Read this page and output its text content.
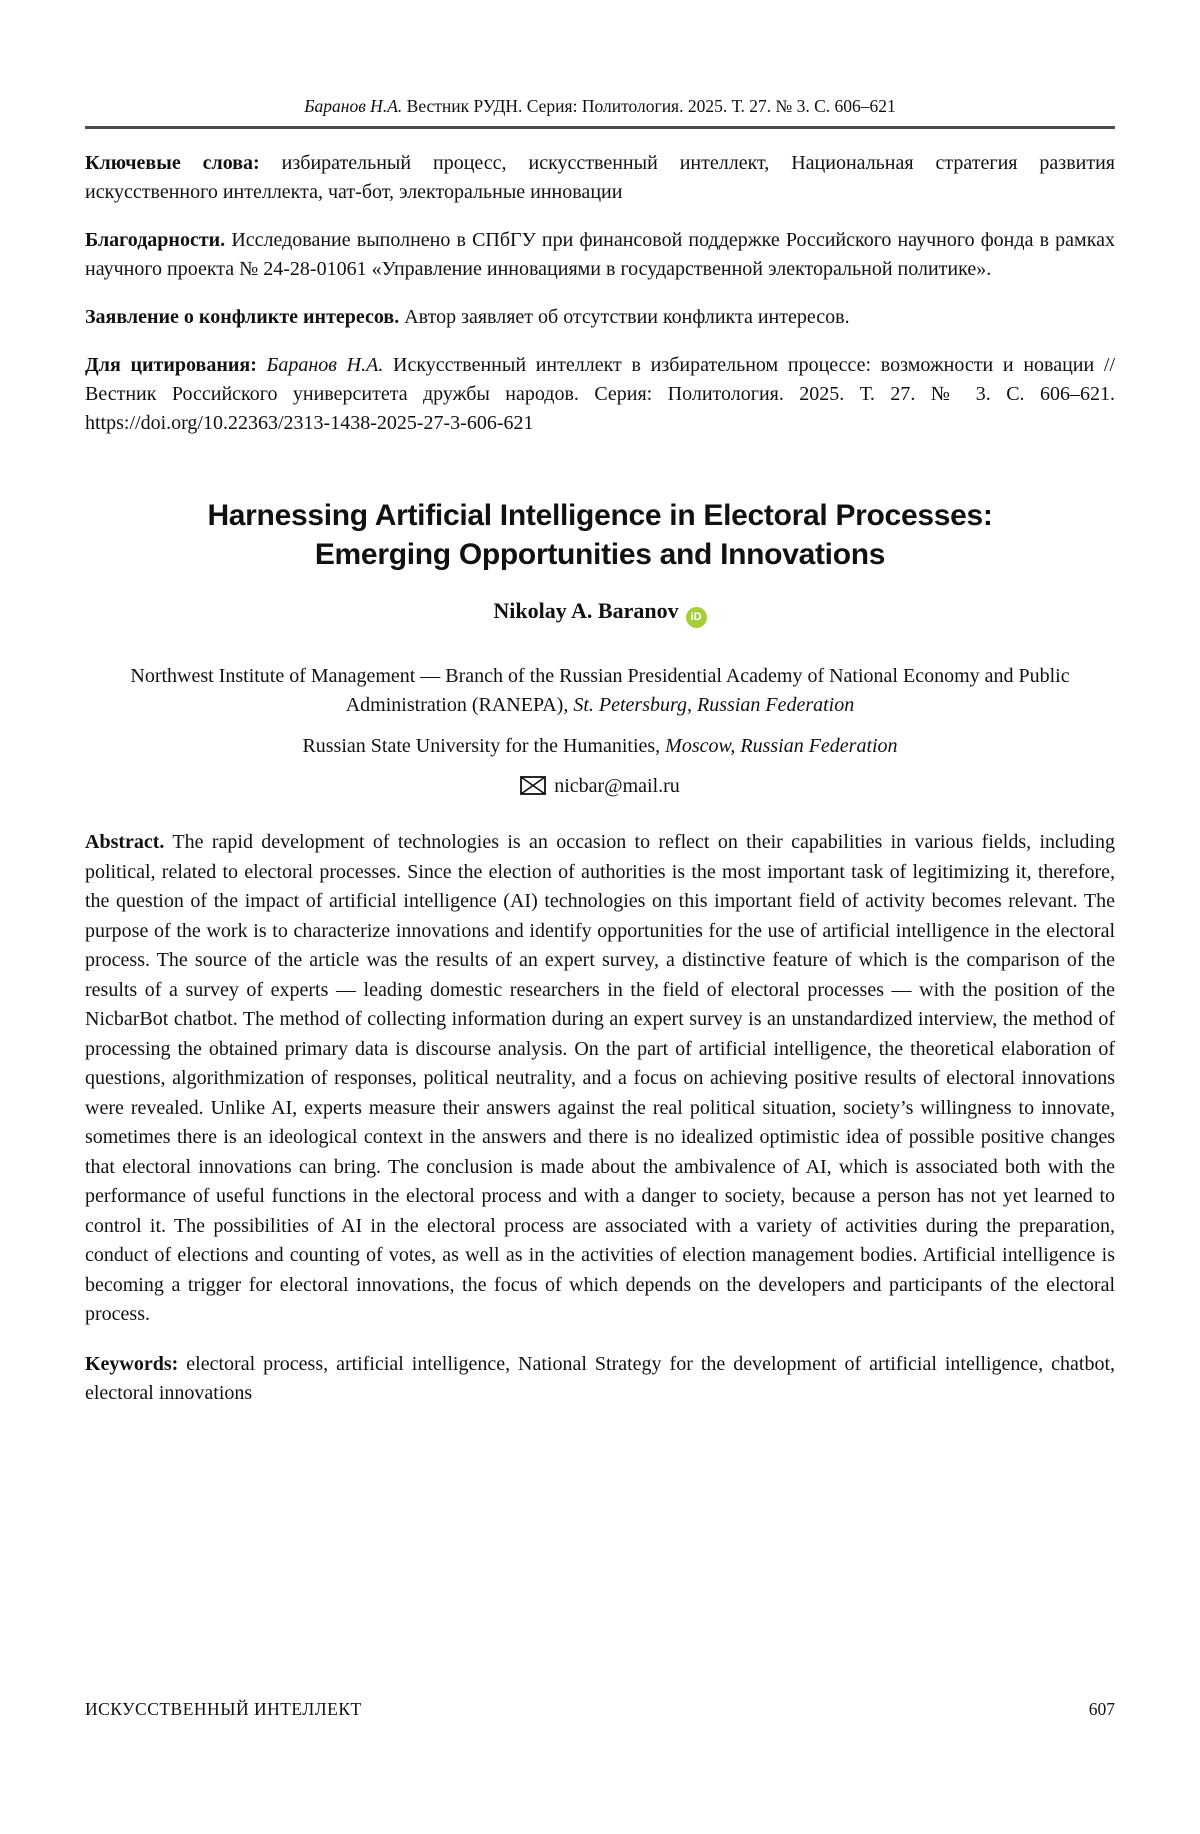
Баранов Н.А. Вестник РУДН. Серия: Политология. 2025. Т. 27. № 3. С. 606–621

Ключевые слова: избирательный процесс, искусственный интеллект, Национальная стратегия развития искусственного интеллекта, чат-бот, электоральные инновации

Благодарности. Исследование выполнено в СПбГУ при финансовой поддержке Российского научного фонда в рамках научного проекта № 24-28-01061 «Управление инновациями в государственной электоральной политике».

Заявление о конфликте интересов. Автор заявляет об отсутствии конфликта интересов.

Для цитирования: Баранов Н.А. Искусственный интеллект в избирательном процессе: возможности и новации // Вестник Российского университета дружбы народов. Серия: Политология. 2025. Т. 27. № 3. С. 606–621. https://doi.org/10.22363/2313-1438-2025-27-3-606-621

Harnessing Artificial Intelligence in Electoral Processes:
Emerging Opportunities and Innovations
Nikolay A. Baranov iD
Northwest Institute of Management — Branch of the Russian Presidential Academy of National Economy and Public Administration (RANEPA), St. Petersburg, Russian Federation
Russian State University for the Humanities, Moscow, Russian Federation
nicbar@mail.ru

Abstract. The rapid development of technologies is an occasion to reflect on their capabilities in various fields, including political, related to electoral processes. Since the election of authorities is the most important task of legitimizing it, therefore, the question of the impact of artificial intelligence (AI) technologies on this important field of activity becomes relevant. The purpose of the work is to characterize innovations and identify opportunities for the use of artificial intelligence in the electoral process. The source of the article was the results of an expert survey, a distinctive feature of which is the comparison of the results of a survey of experts — leading domestic researchers in the field of electoral processes — with the position of the NicbarBot chatbot. The method of collecting information during an expert survey is an unstandardized interview, the method of processing the obtained primary data is discourse analysis. On the part of artificial intelligence, the theoretical elaboration of questions, algorithmization of responses, political neutrality, and a focus on achieving positive results of electoral innovations were revealed. Unlike AI, experts measure their answers against the real political situation, society’s willingness to innovate, sometimes there is an ideological context in the answers and there is no idealized optimistic idea of possible positive changes that electoral innovations can bring. The conclusion is made about the ambivalence of AI, which is associated both with the performance of useful functions in the electoral process and with a danger to society, because a person has not yet learned to control it. The possibilities of AI in the electoral process are associated with a variety of activities during the preparation, conduct of elections and counting of votes, as well as in the activities of election management bodies. Artificial intelligence is becoming a trigger for electoral innovations, the focus of which depends on the developers and participants of the electoral process.

Keywords: electoral process, artificial intelligence, National Strategy for the development of artificial intelligence, chatbot, electoral innovations

ИСКУССТВЕННЫЙ ИНТЕЛЛЕКТ	607
